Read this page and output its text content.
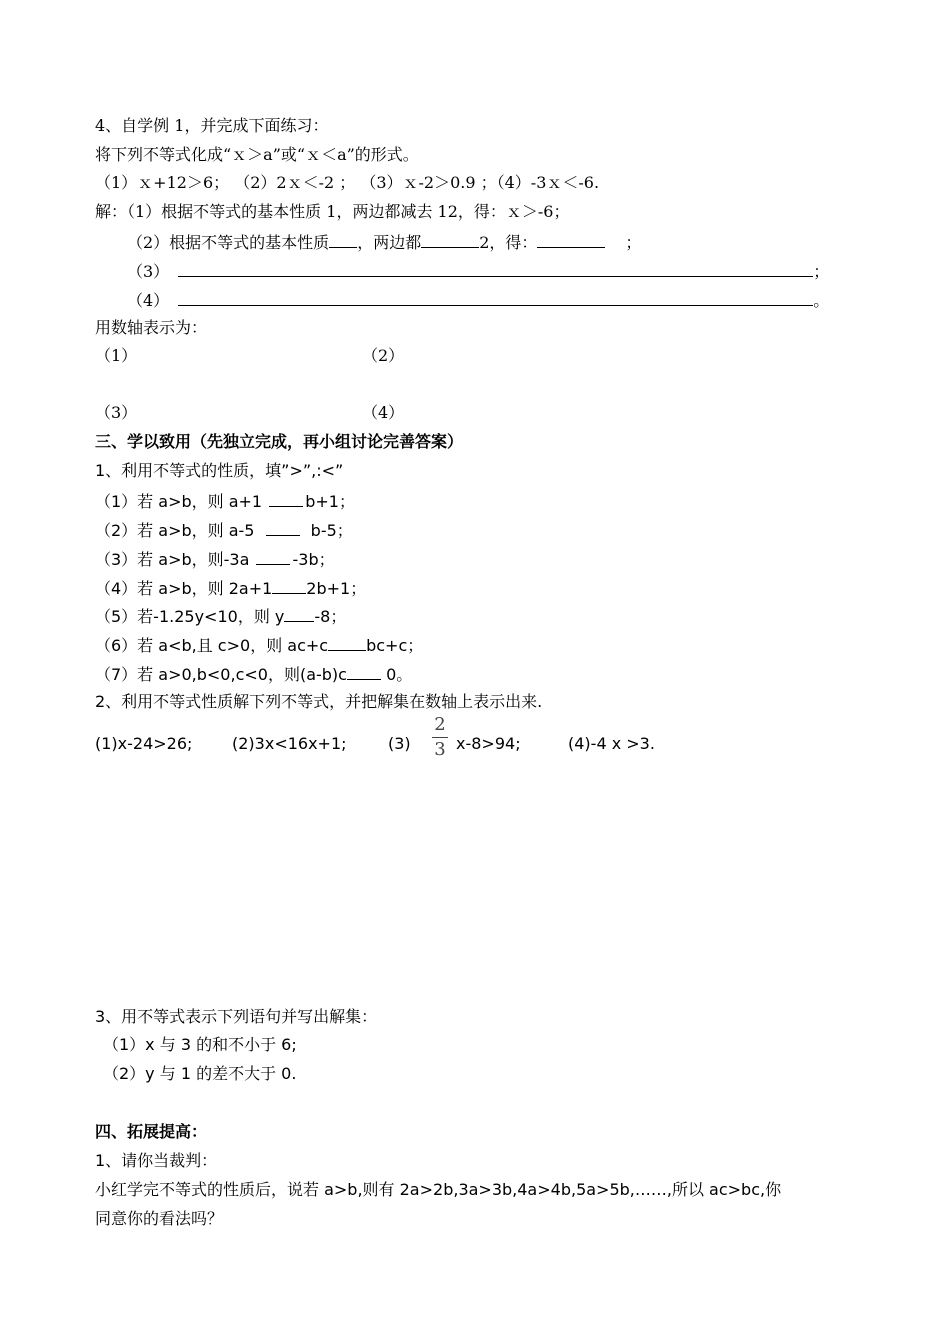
4、自学例 1，并完成下面练习：
将下列不等式化成“ｘ＞a”或“ｘ＜a”的形式。
（1）ｘ+12＞6； （2）2ｘ＜-2 ； （3）ｘ-2＞0.9 ；（4）-3ｘ＜-6.
解：（1）根据不等式的基本性质 1，两边都减去 12，得：ｘ＞-6；
（2）根据不等式的基本性质 ，两边都	2，得：	；
（3）	；
（4）	。
用数轴表示为：
（1）	（2）
（3）	（4）
三、学以致用（先独立完成，再小组讨论完善答案）
1、利用不等式的性质，填”>”,:<”
（1）若 a>b，则 a+1 b+1；
（2）若 a>b，则 a-5	b-5；
（3）若 a>b，则-3a -3b；
（4）若 a>b，则 2a+1 2b+1；
（5）若-1.25y<10，则 y -8；
（6）若 a<b,且 c>0，则 ac+c bc+c；
（7）若 a>0,b<0,c<0，则(a-b)c 0。
2、利用不等式性质解下列不等式，并把解集在数轴上表示出来.
(1)x-24>26; (2)3x<16x+1;	(3)
2
3 x-8>94;	(4)-4 x >3.
3、用不等式表示下列语句并写出解集：
（1）x 与 3 的和不小于 6;
（2）y 与 1 的差不大于 0.
四、拓展提高：
1、请你当裁判：
小红学完不等式的性质后，说若 a>b,则有 2a>2b,3a>3b,4a>4b,5a>5b,……,所以 ac>bc,你
同意你的看法吗？
